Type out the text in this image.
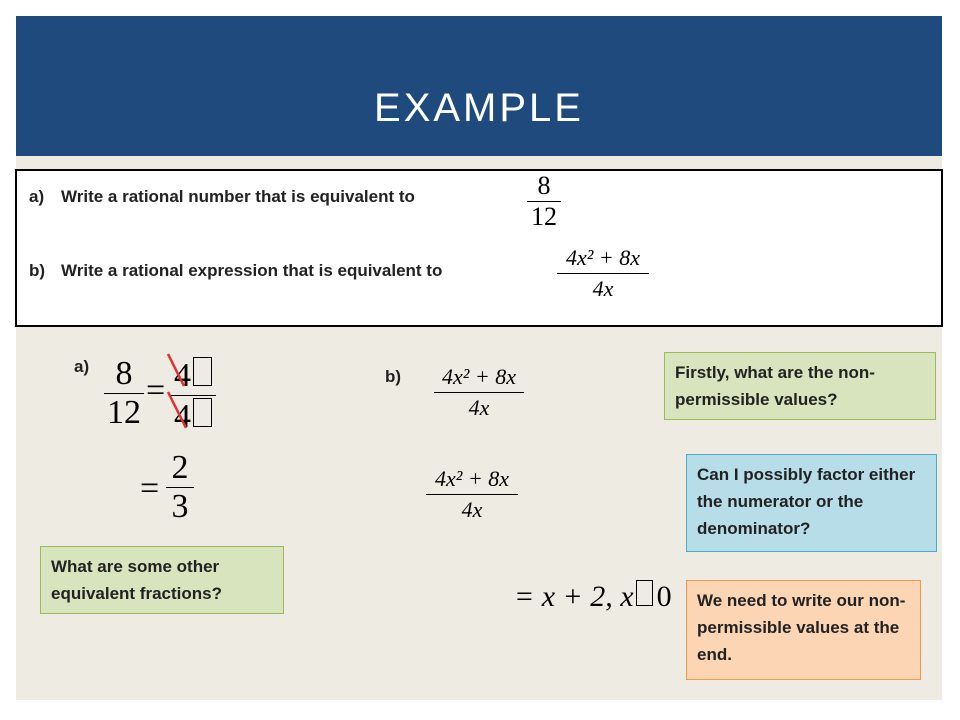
EXAMPLE
a) Write a rational number that is equivalent to	8
12
b) Write a rational expression that is equivalent to
4x² + 8x
4x
a) 8
12
= 4
4
=
2
3
What are some other equivalent fractions?
b)	4x² + 8x
4x
4x² + 8x
4x
= x + 2, x 0
Firstly, what are the non-permissible values?
Can I possibly factor either the numerator or the denominator?
We need to write our non-permissible values at the end.
